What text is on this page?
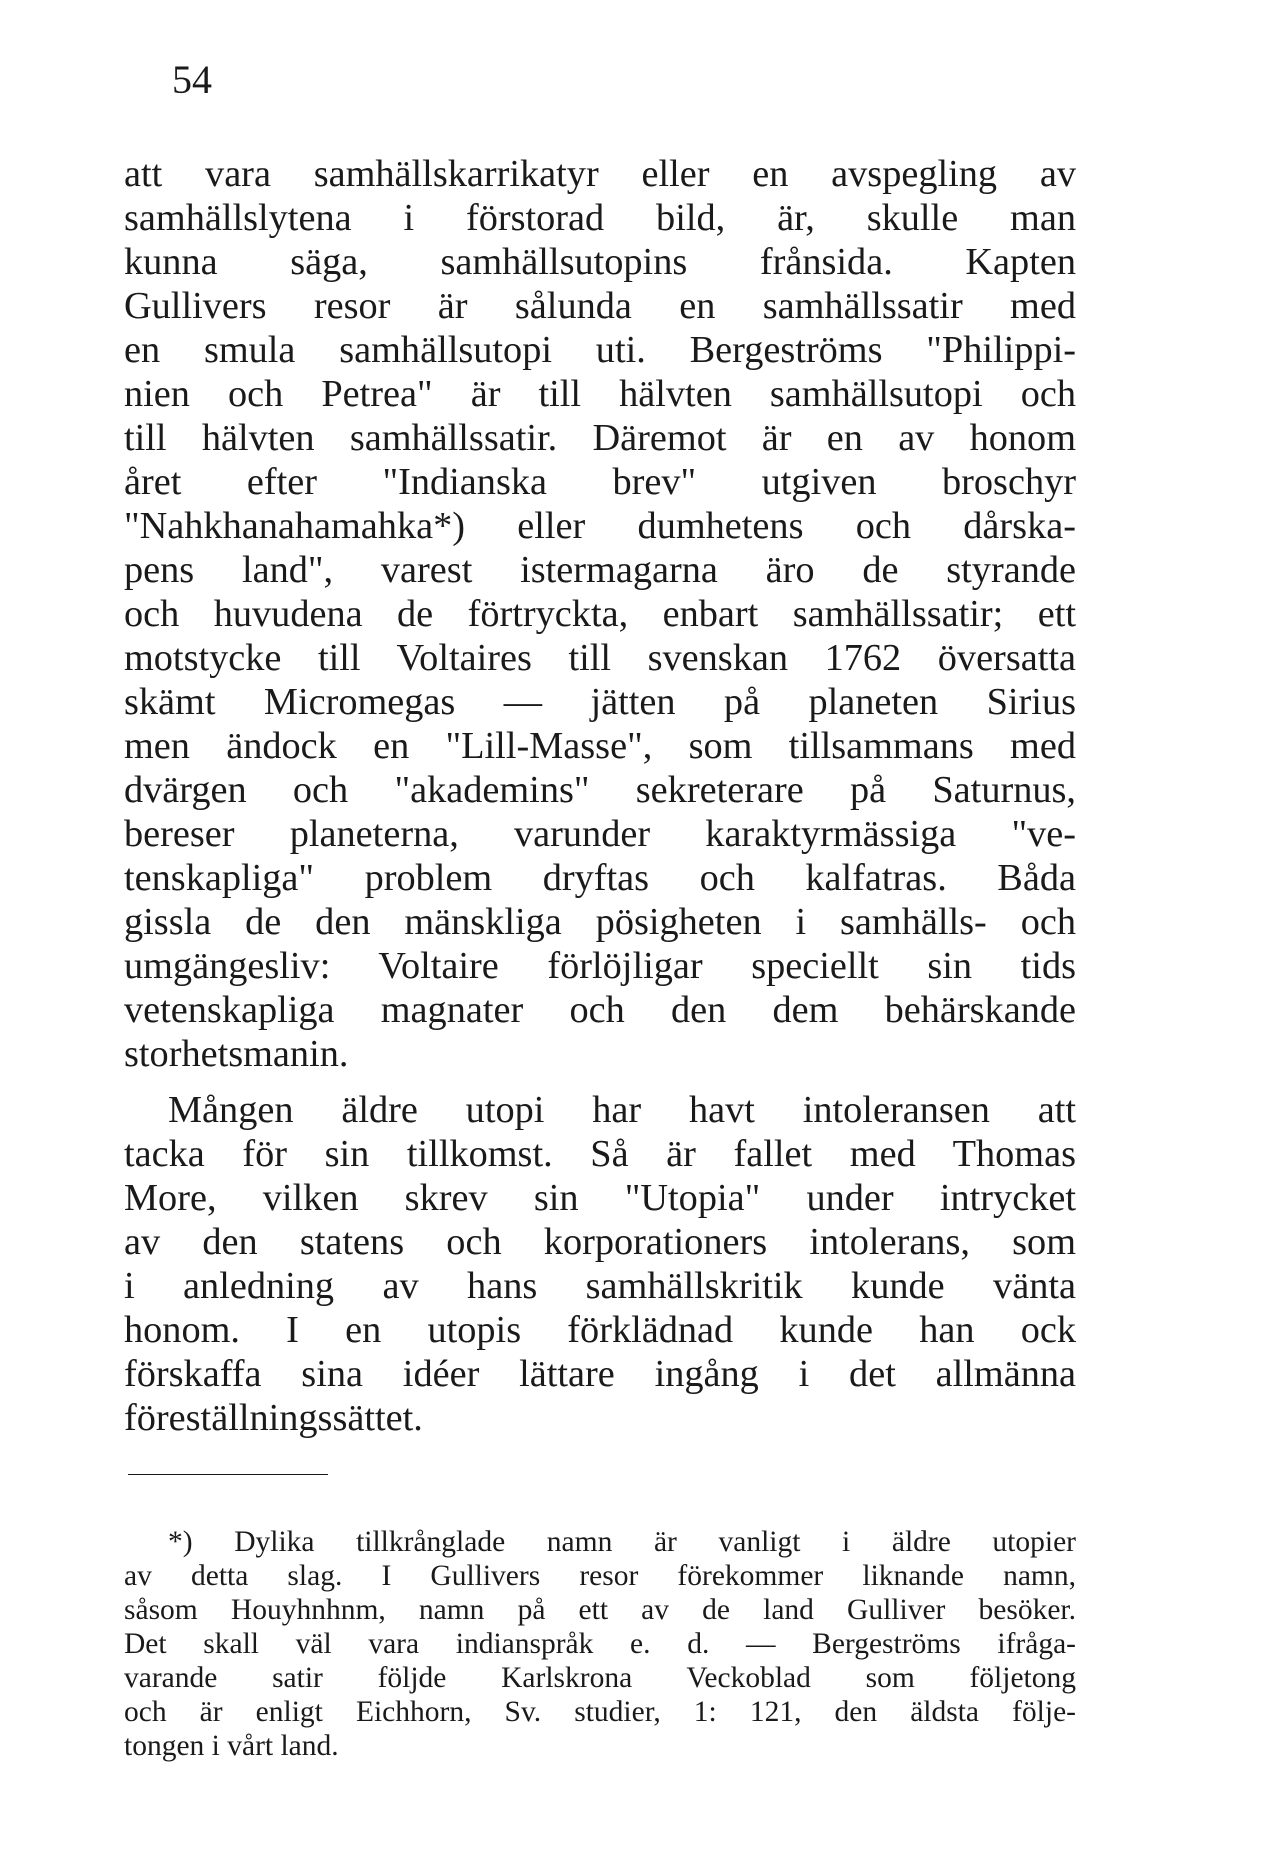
54
att vara samhällskarrikatyr eller en avspegling av
samhällslytena i förstorad bild, är, skulle man
kunna säga, samhällsutopins frånsida. Kapten
Gullivers resor är sålunda en samhällssatir med
en smula samhällsutopi uti. Bergeströms "Philippi-
nien och Petrea" är till hälvten samhällsutopi och
till hälvten samhällssatir. Däremot är en av honom
året efter "Indianska brev" utgiven broschyr
"Nahkhanahamahka*) eller dumhetens och dårska-
pens land", varest istermagarna äro de styrande
och huvudena de förtryckta, enbart samhällssatir; ett
motstycke till Voltaires till svenskan 1762 översatta
skämt Micromegas — jätten på planeten Sirius
men ändock en "Lill-Masse", som tillsammans med
dvärgen och "akademins" sekreterare på Saturnus,
bereser planeterna, varunder karaktyrmässiga "ve-
tenskapliga" problem dryftas och kalfatras. Båda
gissla de den mänskliga pösigheten i samhälls- och
umgängesliv: Voltaire förlöjligar speciellt sin tids
vetenskapliga magnater och den dem behärskande
storhetsmanin.
Mången äldre utopi har havt intoleransen att
tacka för sin tillkomst. Så är fallet med Thomas
More, vilken skrev sin "Utopia" under intrycket
av den statens och korporationers intolerans, som
i anledning av hans samhällskritik kunde vänta
honom. I en utopis förklädnad kunde han ock
förskaffa sina idéer lättare ingång i det allmänna
föreställningssättet.
*) Dylika tillkrånglade namn är vanligt i äldre utopier
av detta slag. I Gullivers resor förekommer liknande namn,
såsom Houyhnhnm, namn på ett av de land Gulliver besöker.
Det skall väl vara indianspråk e. d. — Bergeströms ifråga-
varande satir följde Karlskrona Veckoblad som följetong
och är enligt Eichhorn, Sv. studier, 1: 121, den äldsta följe-
tongen i vårt land.
